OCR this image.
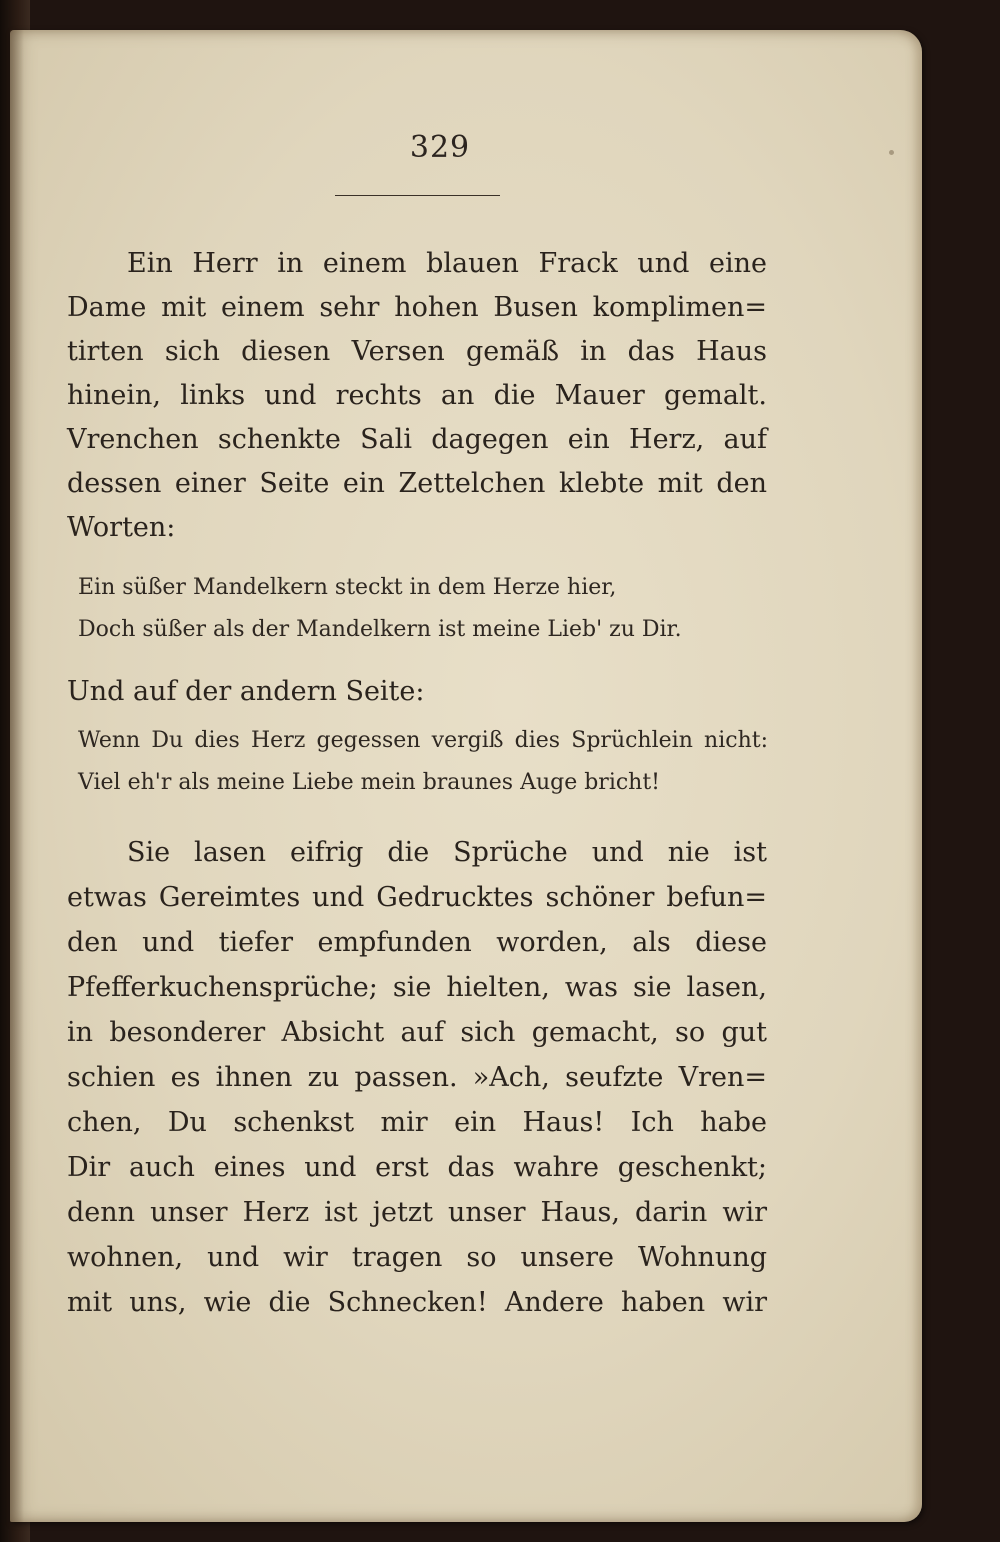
329
Ein Herr in einem blauen Frack und eine
Dame mit einem sehr hohen Busen komplimen=
tirten sich diesen Versen gemäß in das Haus
hinein, links und rechts an die Mauer gemalt.
Vrenchen schenkte Sali dagegen ein Herz, auf
dessen einer Seite ein Zettelchen klebte mit den
Worten:
Ein süßer Mandelkern steckt in dem Herze hier,
Doch süßer als der Mandelkern ist meine Lieb' zu Dir.
Und auf der andern Seite:
Wenn Du dies Herz gegessen vergiß dies Sprüchlein nicht:
Viel eh'r als meine Liebe mein braunes Auge bricht!
Sie lasen eifrig die Sprüche und nie ist
etwas Gereimtes und Gedrucktes schöner befun=
den und tiefer empfunden worden, als diese
Pfefferkuchensprüche; sie hielten, was sie lasen,
in besonderer Absicht auf sich gemacht, so gut
schien es ihnen zu passen. »Ach, seufzte Vren=
chen, Du schenkst mir ein Haus! Ich habe
Dir auch eines und erst das wahre geschenkt;
denn unser Herz ist jetzt unser Haus, darin wir
wohnen, und wir tragen so unsere Wohnung
mit uns, wie die Schnecken! Andere haben wir
